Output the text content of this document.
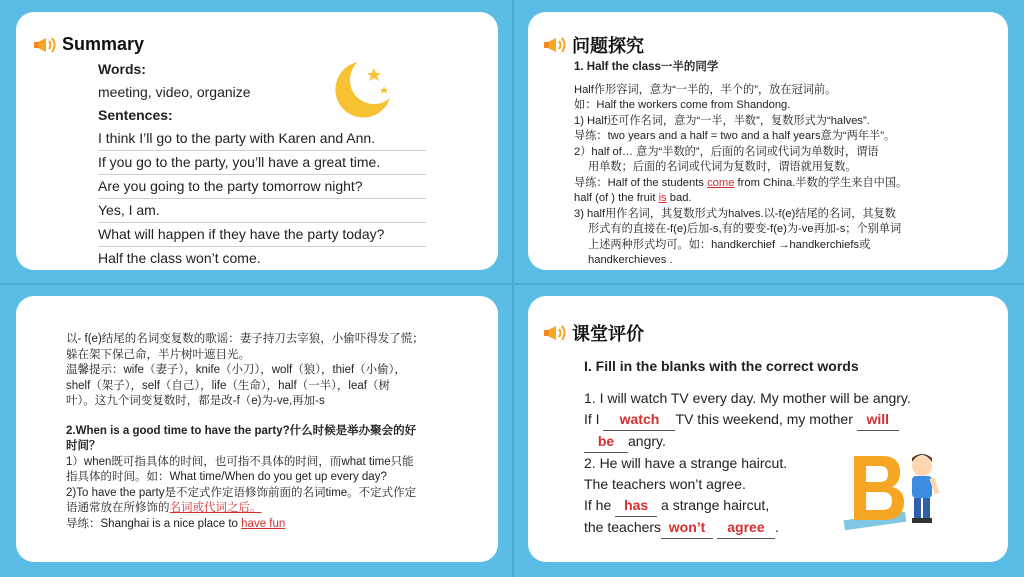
Summary
Words:
meeting, video, organize
Sentences:
I think I’ll go to the party with Karen and Ann.
If you go to the party, you’ll have a great time.
Are you going to the party tomorrow night?
Yes, I am.
What will happen if they have the party today?
Half the class won’t come.
问题探究
1. Half the class一半的同学
Half作形容词，意为“一半的，半个的”，放在冠词前。
如：Half the workers come from Shandong.
1) Half还可作名词，意为“一半，半数”，复数形式为“halves”.
导练：two years and a half = two and a half years意为“两年半”。
2）half of… 意为“半数的”，后面的名词或代词为单数时，谓语
用单数；后面的名词或代词为复数时，谓语就用复数。
导练：Half of the students come from China.半数的学生来自中国。
half (of ) the fruit is bad.
3) half用作名词，其复数形式为halves.以-f(e)结尾的名词，其复数
形式有的直接在-f(e)后加-s,有的要变-f(e)为-ve再加-s；个别单词
上述两种形式均可。如：handkerchief →handkerchiefs或
handkerchieves .
以- f(e)结尾的名词变复数的歌谣：妻子持刀去宰狼，小偷吓得发了慌；
躲在架下保己命，半片树叶遮目光。
温馨提示：wife（妻子），knife（小刀），wolf（狼），thief（小偷），
shelf（架子），self（自己），life（生命），half（一半），leaf（树
叶）。这九个词变复数时，都是改-f（e)为-ve,再加-s
2.When is a good time to have the party?什么时候是举办聚会的好
时间？
1）when既可指具体的时间，也可指不具体的时间，而what time只能
指具体的时间。如：What time/When do you get up every day?
2)To have the party是不定式作定语修饰前面的名词time。不定式作定
语通常放在所修饰的名词或代词之后。
导练：Shanghai is a nice place to have fun
课堂评价
I. Fill in the blanks with the correct words
1. I will watch TV every day. My mother will be angry.
If I watch TV this weekend, my mother will
be angry.
2. He will have a strange haircut.
The teachers won’t agree.
If he has a strange haircut,
the teachers won’t agree .
